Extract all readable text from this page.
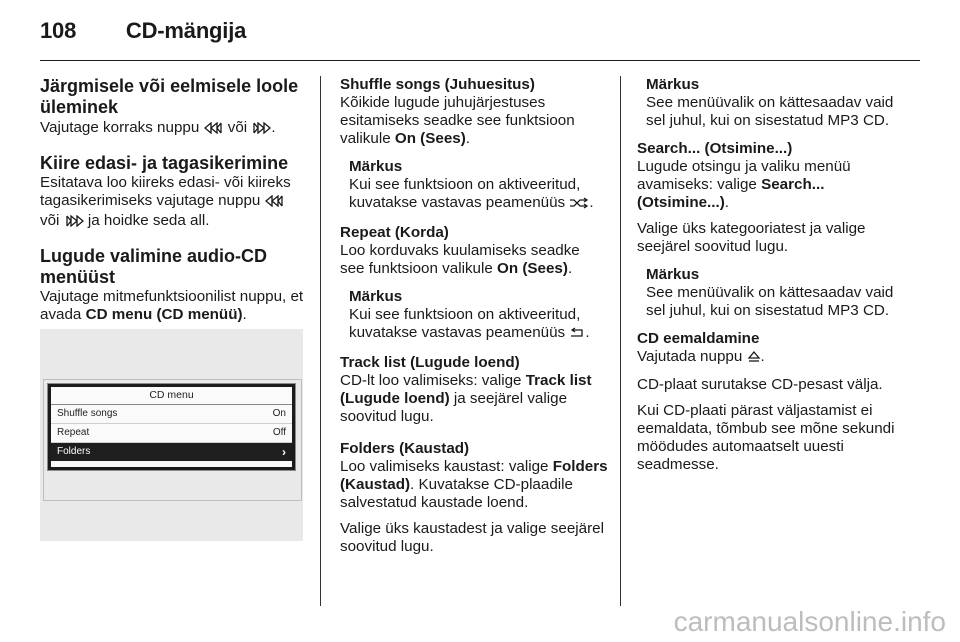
108 CD-mängija
Järgmisele või eelmisele loole üleminek

Vajutage korraks nuppu  või .

Kiire edasi- ja tagasikerimine

Esitatava loo kiireks edasi- või kiireks tagasikerimiseks vajutage nuppu  või  ja hoidke seda all.

Lugude valimine audio-CD menüüst

Vajutage mitmefunktsioonilist nuppu, et avada CD menu (CD menüü).

CD menu
Shuffle songs	On
Repeat	Off
Folders	›

Shuffle songs (Juhuesitus)

Kõikide lugude juhujärjestuses esitamiseks seadke see funktsioon valikule On (Sees).

Märkus

Kui see funktsioon on aktiveeritud, kuvatakse vastavas peamenüüs .

Repeat (Korda)

Loo korduvaks kuulamiseks seadke see funktsioon valikule On (Sees).

Märkus

Kui see funktsioon on aktiveeritud, kuvatakse vastavas peamenüüs .

Track list (Lugude loend)

CD-lt loo valimiseks: valige Track list (Lugude loend) ja seejärel valige soovitud lugu.

Folders (Kaustad)

Loo valimiseks kaustast: valige Folders (Kaustad). Kuvatakse CD-plaadile salvestatud kaustade loend.

Valige üks kaustadest ja valige seejärel soovitud lugu.

Märkus

See menüüvalik on kättesaadav vaid sel juhul, kui on sisestatud MP3 CD.

Search... (Otsimine...)

Lugude otsingu ja valiku menüü avamiseks: valige Search... (Otsimine...).

Valige üks kategooriatest ja valige seejärel soovitud lugu.

Märkus

See menüüvalik on kättesaadav vaid sel juhul, kui on sisestatud MP3 CD.

CD eemaldamine

Vajutada nuppu .

CD-plaat surutakse CD-pesast välja.

Kui CD-plaati pärast väljastamist ei eemaldata, tõmbub see mõne sekundi möödudes automaatselt uuesti seadmesse.

carmanualsonline.info
